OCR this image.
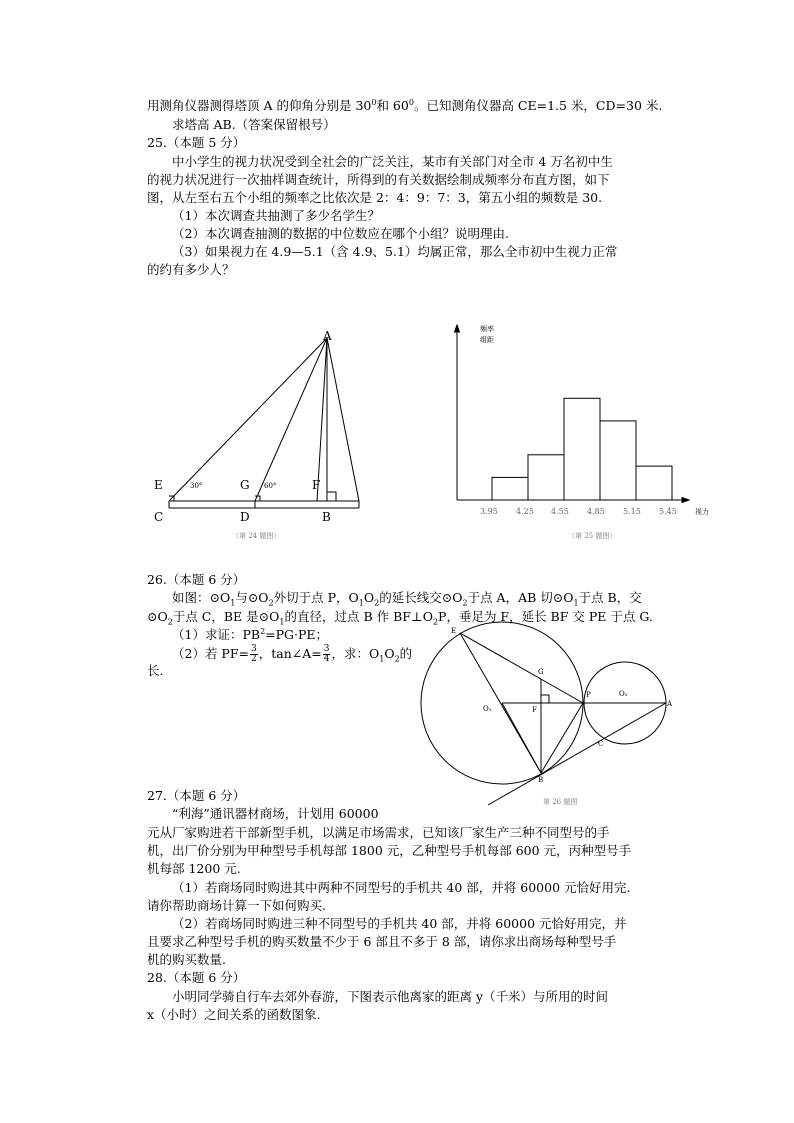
用测角仪器测得塔顶 A 的仰角分别是 $30^0$和 $60^0$。已知测角仪器高 CE=1.5 米，CD=30 米.
求塔高 AB.（答案保留根号）
25.（本题 5 分）
中小学生的视力状况受到全社会的广泛关注，某市有关部门对全市 4 万名初中生
的视力状况进行一次抽样调查统计，所得到的有关数据绘制成频率分布直方图，如下
图，从左至右五个小组的频率之比依次是 2：4：9：7：3，第五小组的频数是 30.
（1）本次调查共抽测了多少名学生？
（2）本次调查抽测的数据的中位数应在哪个小组？说明理由.
（3）如果视力在 4.9—5.1（含 4.9、5.1）均属正常，那么全市初中生视力正常
的约有多少人？
A
E	G	F
C	D	B
30°	60°
（第 24 题图）
频率
组距
视力
3.95 4.25 4.55 4.85 5.15 5.45
（第 25 题图）
26.（本题 6 分）
如图：$⊙O_1$与$⊙O_2$外切于点 P，$O_1O_2$的延长线交$⊙O_2$于点 A，AB 切$⊙O_1$于点 B，交
$⊙O_2$于点 C，BE 是$⊙O_1$的直径，过点 B 作 $BF\perp O_2P$，垂足为 F，延长 BF 交 PE 于点 G.
（1）求证：$PB^2=PG\cdot PE$；
（2）若 $PF= \frac{3}{2}$ ，tan∠A= $\frac{3}{4}$ ，求：$O_1O_2$的
长.
E
G
P	O₂
A
O₁	F
C
B
第 26 题图
27.（本题 6 分）
“利海”通讯器材商场，计划用 60000
元从厂家购进若干部新型手机，以满足市场需求，已知该厂家生产三种不同型号的手
机，出厂价分别为甲种型号手机每部 1800 元，乙种型号手机每部 600 元，丙种型号手
机每部 1200 元.
（1）若商场同时购进其中两种不同型号的手机共 40 部，并将 60000 元恰好用完.
请你帮助商场计算一下如何购买.
（2）若商场同时购进三种不同型号的手机共 40 部，并将 60000 元恰好用完，并
且要求乙种型号手机的购买数量不少于 6 部且不多于 8 部，请你求出商场每种型号手
机的购买数量.
28.（本题 6 分）
小明同学骑自行车去郊外春游，下图表示他离家的距离 y（千米）与所用的时间
x（小时）之间关系的函数图象.
